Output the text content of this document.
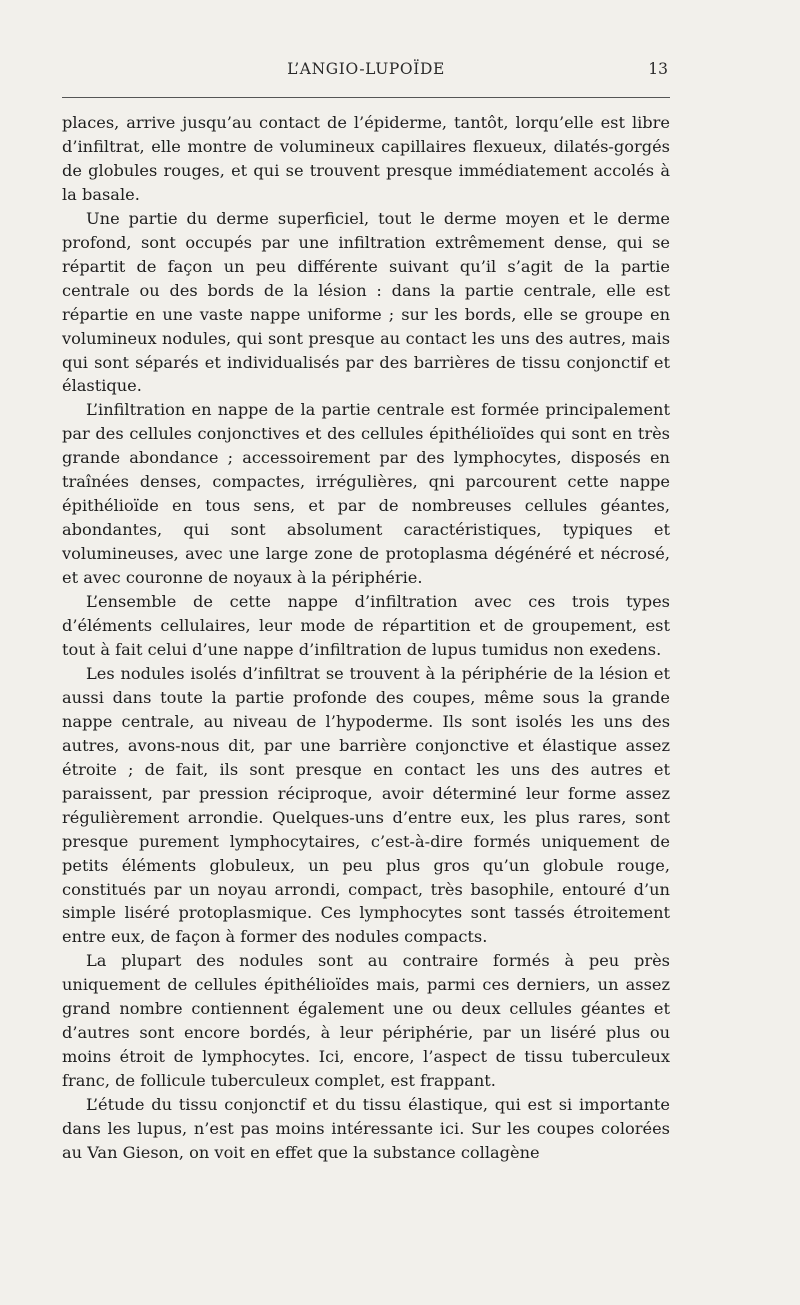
L’ANGIO-LUPOÏDE	13

places, arrive jusqu’au contact de l’épiderme, tantôt, lorqu’elle est libre d’infiltrat, elle montre de volumineux capillaires flexueux, dilatés-gorgés de globules rouges, et qui se trouvent presque immédiatement accolés à la basale.

Une partie du derme superficiel, tout le derme moyen et le derme profond, sont occupés par une infiltration extrêmement dense, qui se répartit de façon un peu différente suivant qu’il s’agit de la partie centrale ou des bords de la lésion : dans la partie centrale, elle est répartie en une vaste nappe uniforme ; sur les bords, elle se groupe en volumineux nodules, qui sont presque au contact les uns des autres, mais qui sont séparés et individualisés par des barrières de tissu conjonctif et élastique.

L’infiltration en nappe de la partie centrale est formée principalement par des cellules conjonctives et des cellules épithélioïdes qui sont en très grande abondance ; accessoirement par des lymphocytes, disposés en traînées denses, compactes, irrégulières, qni parcourent cette nappe épithélioïde en tous sens, et par de nombreuses cellules géantes, abondantes, qui sont absolument caractéristiques, typiques et volumineuses, avec une large zone de protoplasma dégénéré et nécrosé, et avec couronne de noyaux à la périphérie.

L’ensemble de cette nappe d’infiltration avec ces trois types d’éléments cellulaires, leur mode de répartition et de groupement, est tout à fait celui d’une nappe d’infiltration de lupus tumidus non exedens.

Les nodules isolés d’infiltrat se trouvent à la périphérie de la lésion et aussi dans toute la partie profonde des coupes, même sous la grande nappe centrale, au niveau de l’hypoderme. Ils sont isolés les uns des autres, avons-nous dit, par une barrière conjonctive et élastique assez étroite ; de fait, ils sont presque en contact les uns des autres et paraissent, par pression réciproque, avoir déterminé leur forme assez régulièrement arrondie. Quelques-uns d’entre eux, les plus rares, sont presque purement lymphocytaires, c’est-à-dire formés uniquement de petits éléments globuleux, un peu plus gros qu’un globule rouge, constitués par un noyau arrondi, compact, très basophile, entouré d’un simple liséré protoplasmique. Ces lymphocytes sont tassés étroitement entre eux, de façon à former des nodules compacts.

La plupart des nodules sont au contraire formés à peu près uniquement de cellules épithélioïdes mais, parmi ces derniers, un assez grand nombre contiennent également une ou deux cellules géantes et d’autres sont encore bordés, à leur périphérie, par un liséré plus ou moins étroit de lymphocytes. Ici, encore, l’aspect de tissu tuberculeux franc, de follicule tuberculeux complet, est frappant.

L’étude du tissu conjonctif et du tissu élastique, qui est si importante dans les lupus, n’est pas moins intéressante ici. Sur les coupes colorées au Van Gieson, on voit en effet que la substance collagène
